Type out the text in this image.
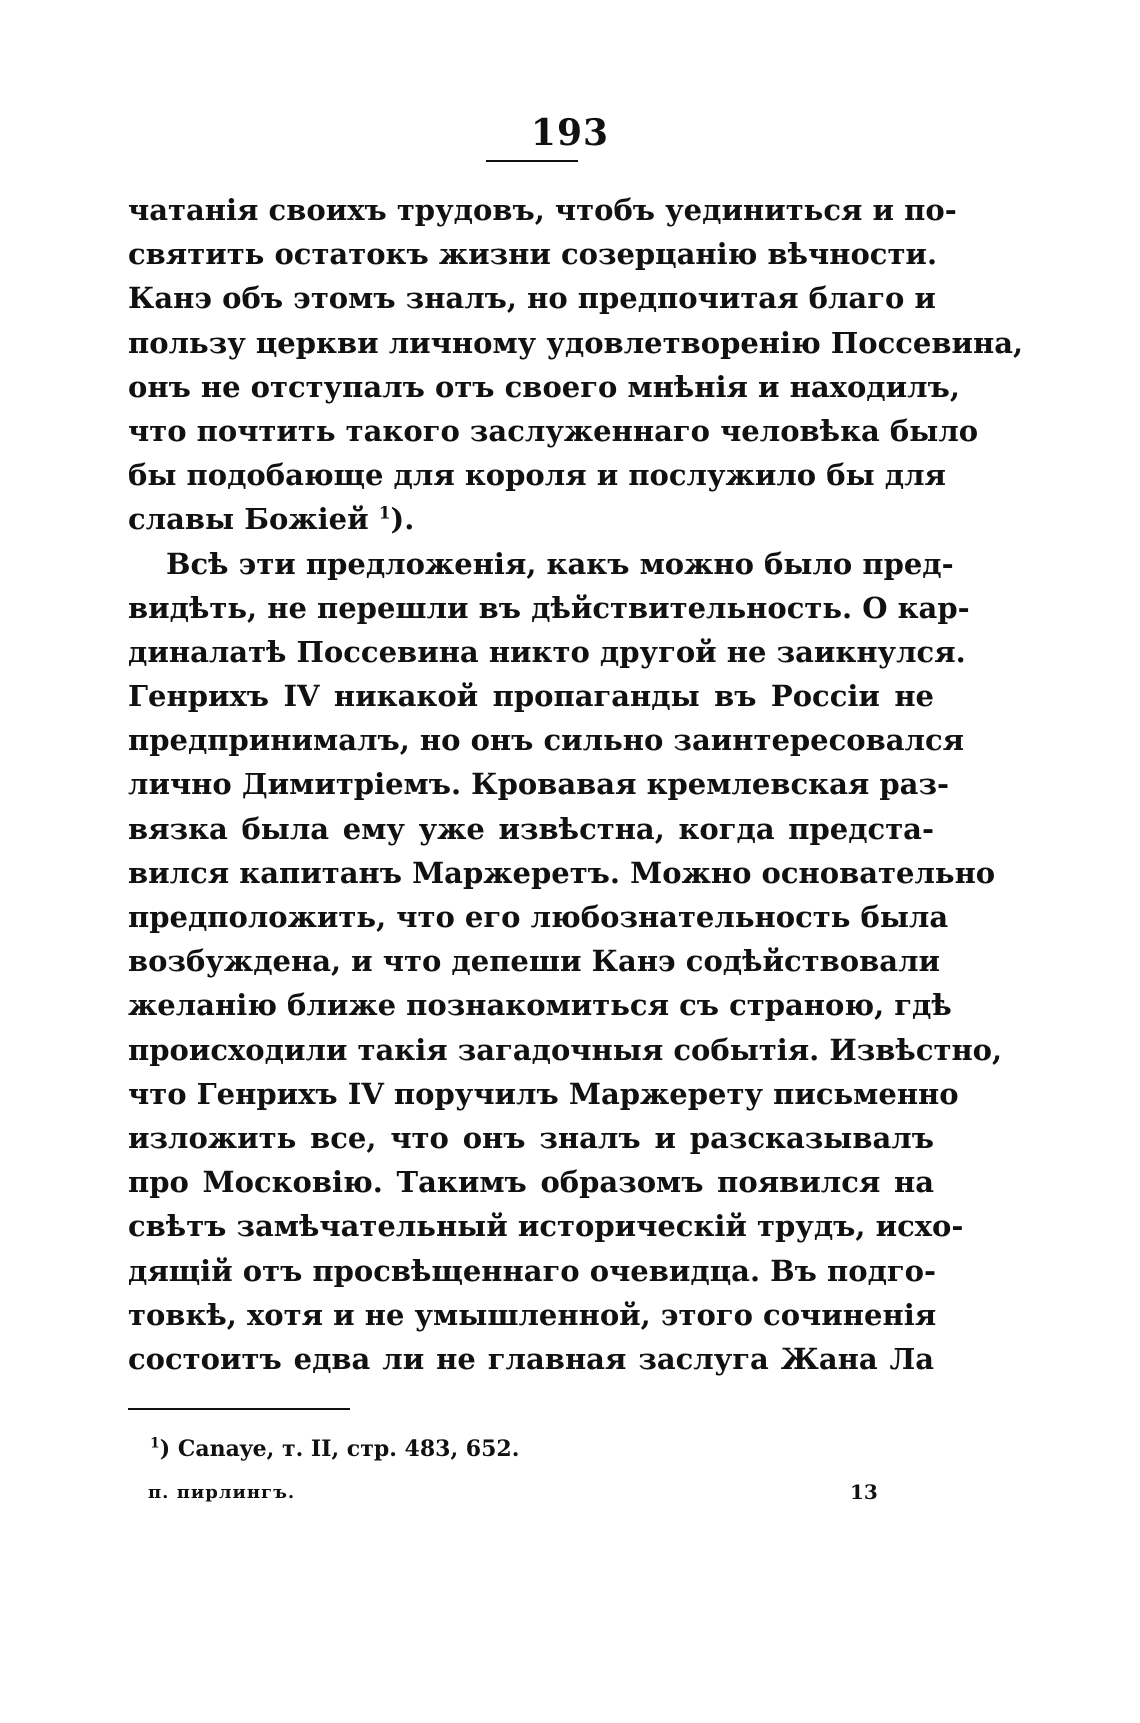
193
чатанія своихъ трудовъ, чтобъ уединиться и по-
святить остатокъ жизни созерцанію вѣчности.
Канэ объ этомъ зналъ, но предпочитая благо и
пользу церкви личному удовлетворенію Поссевина,
онъ не отступалъ отъ своего мнѣнія и находилъ,
что почтить такого заслуженнаго человѣка было
бы подобающе для короля и послужило бы для
славы Божіей $^1$).
Всѣ эти предложенія, какъ можно было пред-
видѣть, не перешли въ дѣйствительность. О кар-
диналатѣ Поссевина никто другой не заикнулся.
Генрихъ IV никакой пропаганды въ Россіи не
предпринималъ, но онъ сильно заинтересовался
лично Димитріемъ. Кровавая кремлевская раз-
вязка была ему уже извѣстна, когда предста-
вился капитанъ Маржеретъ. Можно основательно
предположить, что его любознательность была
возбуждена, и что депеши Канэ содѣйствовали
желанію ближе познакомиться съ страною, гдѣ
происходили такія загадочныя событія. Извѣстно,
что Генрихъ IV поручилъ Маржерету письменно
изложить все, что онъ зналъ и разсказывалъ
про Московію. Такимъ образомъ появился на
свѣтъ замѣчательный историческій трудъ, исхо-
дящій отъ просвѣщеннаго очевидца. Въ подго-
товкѣ, хотя и не умышленной, этого сочиненія
состоитъ едва ли не главная заслуга Жана Ла
$^1$) Canaye, т. II, стр. 483, 652.
п. пирлингъ.	13
